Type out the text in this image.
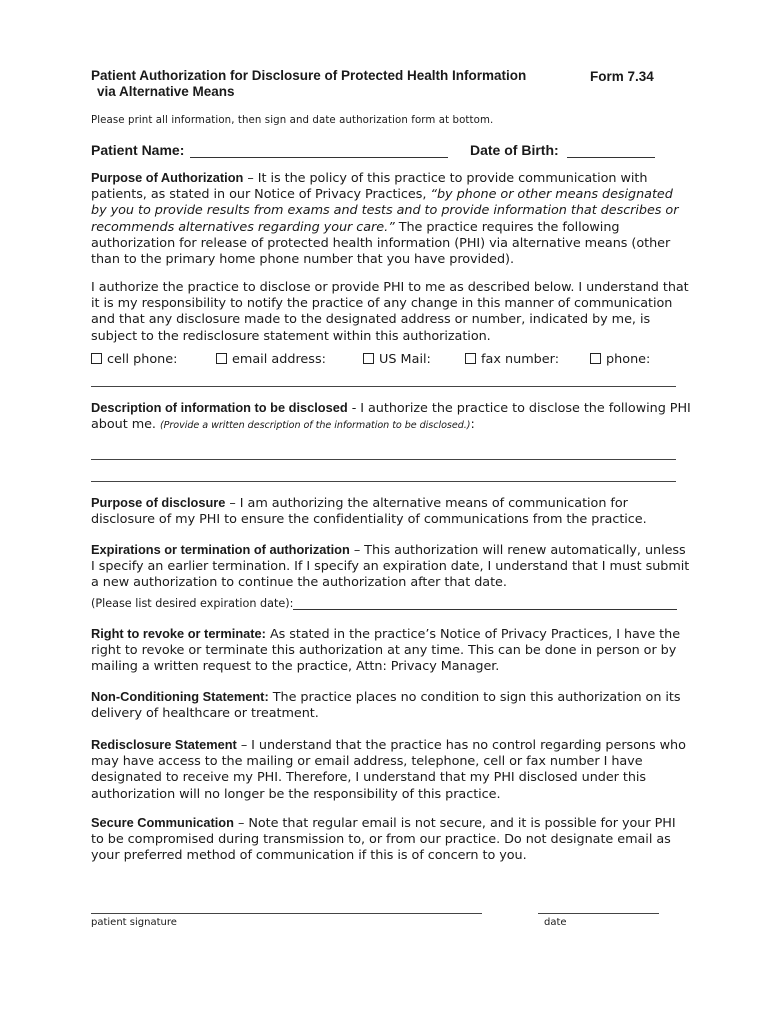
Patient Authorization for Disclosure of Protected Health Information
via Alternative Means
Form 7.34
Please print all information, then sign and date authorization form at bottom.
Patient Name:	Date of Birth:
Purpose of Authorization – It is the policy of this practice to provide communication with patients, as stated in our Notice of Privacy Practices, “by phone or other means designated by you to provide results from exams and tests and to provide information that describes or recommends alternatives regarding your care.” The practice requires the following authorization for release of protected health information (PHI) via alternative means (other than to the primary home phone number that you have provided).
I authorize the practice to disclose or provide PHI to me as described below. I understand that it is my responsibility to notify the practice of any change in this manner of communication and that any disclosure made to the designated address or number, indicated by me, is subject to the redisclosure statement within this authorization.
cell phone:	email address:	US Mail:	fax number:	phone:
Description of information to be disclosed - I authorize the practice to disclose the following PHI about me. (Provide a written description of the information to be disclosed.):
Purpose of disclosure – I am authorizing the alternative means of communication for disclosure of my PHI to ensure the confidentiality of communications from the practice.
Expirations or termination of authorization – This authorization will renew automatically, unless I specify an earlier termination. If I specify an expiration date, I understand that I must submit a new authorization to continue the authorization after that date.
(Please list desired expiration date):
Right to revoke or terminate: As stated in the practice’s Notice of Privacy Practices, I have the right to revoke or terminate this authorization at any time. This can be done in person or by mailing a written request to the practice, Attn: Privacy Manager.
Non-Conditioning Statement: The practice places no condition to sign this authorization on its delivery of healthcare or treatment.
Redisclosure Statement – I understand that the practice has no control regarding persons who may have access to the mailing or email address, telephone, cell or fax number I have designated to receive my PHI. Therefore, I understand that my PHI disclosed under this authorization will no longer be the responsibility of this practice.
Secure Communication – Note that regular email is not secure, and it is possible for your PHI to be compromised during transmission to, or from our practice. Do not designate email as your preferred method of communication if this is of concern to you.
patient signature	date
